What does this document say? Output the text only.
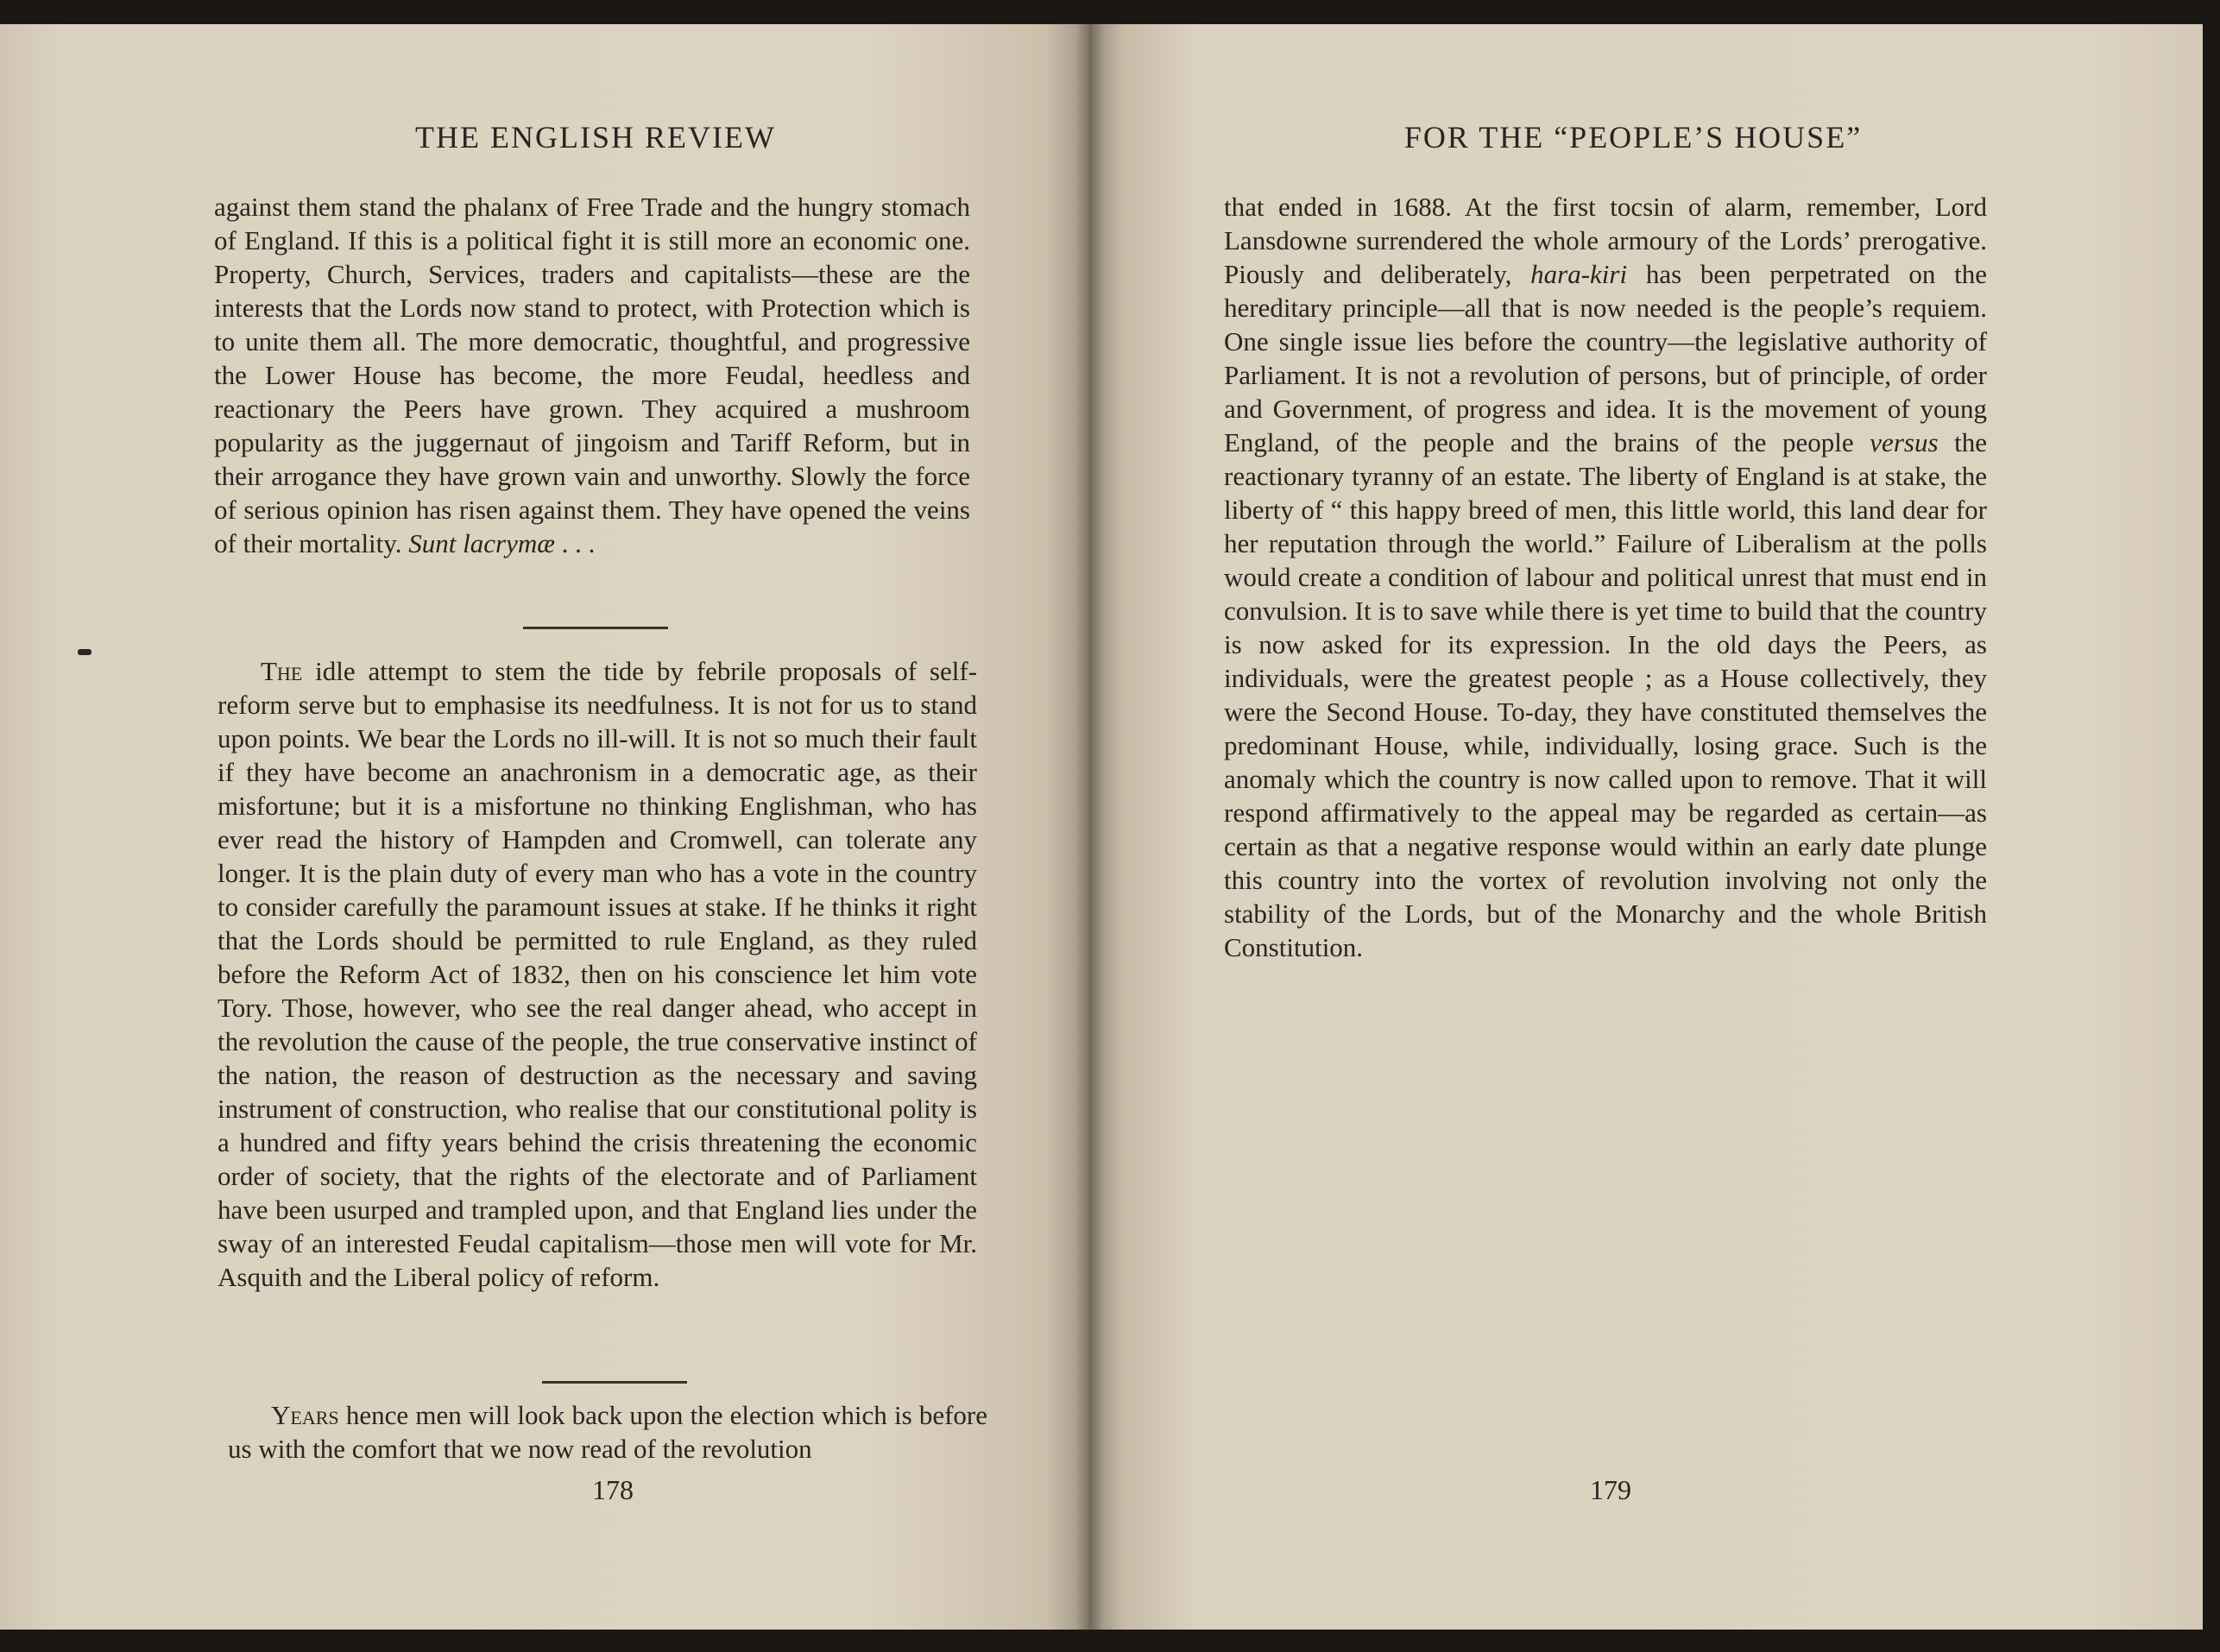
THE ENGLISH REVIEW

against them stand the phalanx of Free Trade and the hungry stomach of England. If this is a political fight it is still more an economic one. Property, Church, Services, traders and capitalists—these are the interests that the Lords now stand to protect, with Protection which is to unite them all. The more democratic, thoughtful, and progressive the Lower House has become, the more Feudal, heedless and reactionary the Peers have grown. They acquired a mushroom popularity as the juggernaut of jingoism and Tariff Reform, but in their arrogance they have grown vain and unworthy. Slowly the force of serious opinion has risen against them. They have opened the veins of their mortality. Sunt lacrymæ . . .

The idle attempt to stem the tide by febrile proposals of self-reform serve but to emphasise its needfulness. It is not for us to stand upon points. We bear the Lords no ill-will. It is not so much their fault if they have become an anachronism in a democratic age, as their misfortune; but it is a misfortune no thinking Englishman, who has ever read the history of Hampden and Cromwell, can tolerate any longer. It is the plain duty of every man who has a vote in the country to consider carefully the paramount issues at stake. If he thinks it right that the Lords should be permitted to rule England, as they ruled before the Reform Act of 1832, then on his conscience let him vote Tory. Those, however, who see the real danger ahead, who accept in the revolution the cause of the people, the true conservative instinct of the nation, the reason of destruction as the necessary and saving instrument of construction, who realise that our constitutional polity is a hundred and fifty years behind the crisis threatening the economic order of society, that the rights of the electorate and of Parliament have been usurped and trampled upon, and that England lies under the sway of an interested Feudal capitalism—those men will vote for Mr. Asquith and the Liberal policy of reform.

Years hence men will look back upon the election which is before us with the comfort that we now read of the revolution

178
FOR THE “PEOPLE’S HOUSE”

that ended in 1688. At the first tocsin of alarm, remember, Lord Lansdowne surrendered the whole armoury of the Lords’ prerogative. Piously and deliberately, hara-kiri has been perpetrated on the hereditary principle—all that is now needed is the people’s requiem. One single issue lies before the country—the legislative authority of Parliament. It is not a revolution of persons, but of principle, of order and Government, of progress and idea. It is the movement of young England, of the people and the brains of the people versus the reactionary tyranny of an estate. The liberty of England is at stake, the liberty of “ this happy breed of men, this little world, this land dear for her reputation through the world.” Failure of Liberalism at the polls would create a condition of labour and political unrest that must end in convulsion. It is to save while there is yet time to build that the country is now asked for its expression. In the old days the Peers, as individuals, were the greatest people ; as a House collectively, they were the Second House. To-day, they have constituted themselves the predominant House, while, individually, losing grace. Such is the anomaly which the country is now called upon to remove. That it will respond affirmatively to the appeal may be regarded as certain—as certain as that a negative response would within an early date plunge this country into the vortex of revolution involving not only the stability of the Lords, but of the Monarchy and the whole British Constitution.

179
